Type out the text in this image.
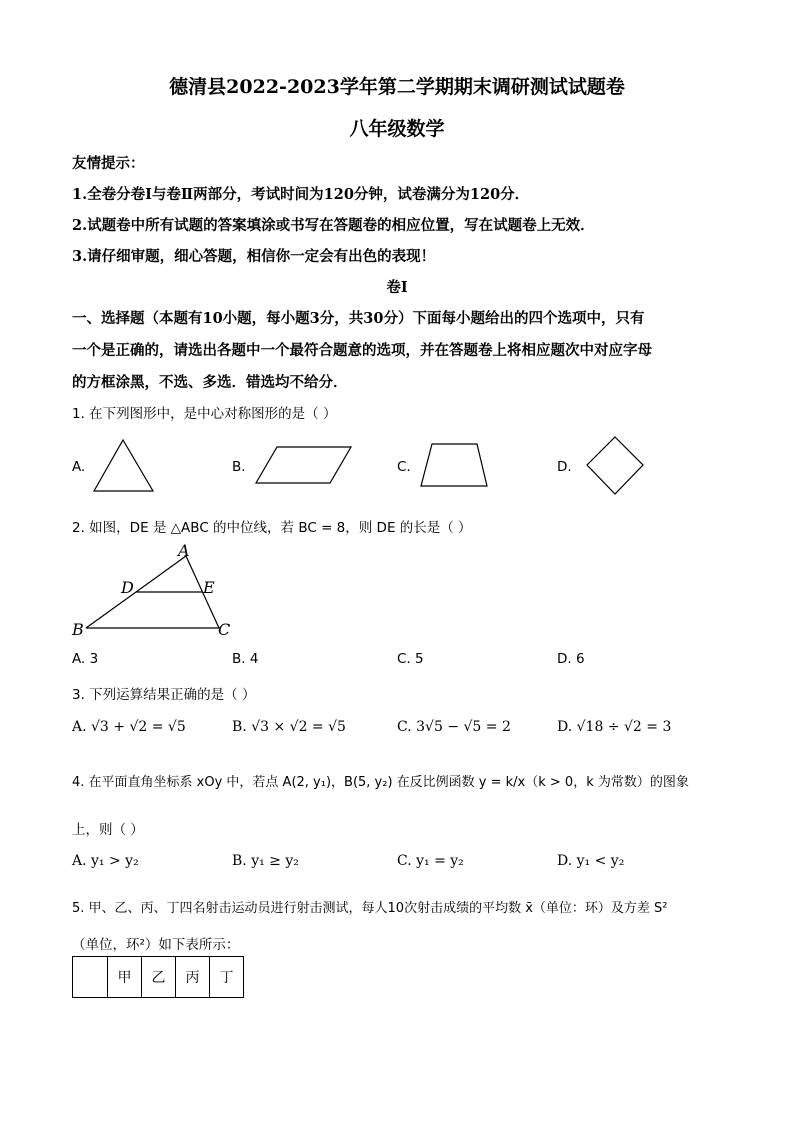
德清县2022-2023学年第二学期期末调研测试试题卷
八年级数学
友情提示：
1.全卷分卷Ⅰ与卷Ⅱ两部分，考试时间为120分钟，试卷满分为120分．
2.试题卷中所有试题的答案填涂或书写在答题卷的相应位置，写在试题卷上无效．
3.请仔细审题，细心答题，相信你一定会有出色的表现！
卷Ⅰ
一、选择题（本题有10小题，每小题3分，共30分）下面每小题给出的四个选项中，只有
一个是正确的，请选出各题中一个最符合题意的选项，并在答题卷上将相应题次中对应字母
的方框涂黑，不选、多选．错选均不给分．
1. 在下列图形中，是中心对称图形的是（ ）
A.	B.	C.	D.
2. 如图，DE 是 △ABC 的中位线，若 BC = 8，则 DE 的长是（ ）
A
D	E
B	C
A. 3	B. 4	C. 5	D. 6
3. 下列运算结果正确的是（ ）
A. √3 + √2 = √5	B. √3 × √2 = √5	C. 3√5 − √5 = 2	D. √18 ÷ √2 = 3
4. 在平面直角坐标系 xOy 中，若点 A(2, y₁)，B(5, y₂) 在反比例函数 y = k/x（k > 0，k 为常数）的图象
上，则（ ）
A. y₁ > y₂	B. y₁ ≥ y₂	C. y₁ = y₂	D. y₁ < y₂
5. 甲、乙、丙、丁四名射击运动员进行射击测试，每人10次射击成绩的平均数 x̄（单位：环）及方差 S²
（单位，环²）如下表所示：
	甲	乙	丙	丁
